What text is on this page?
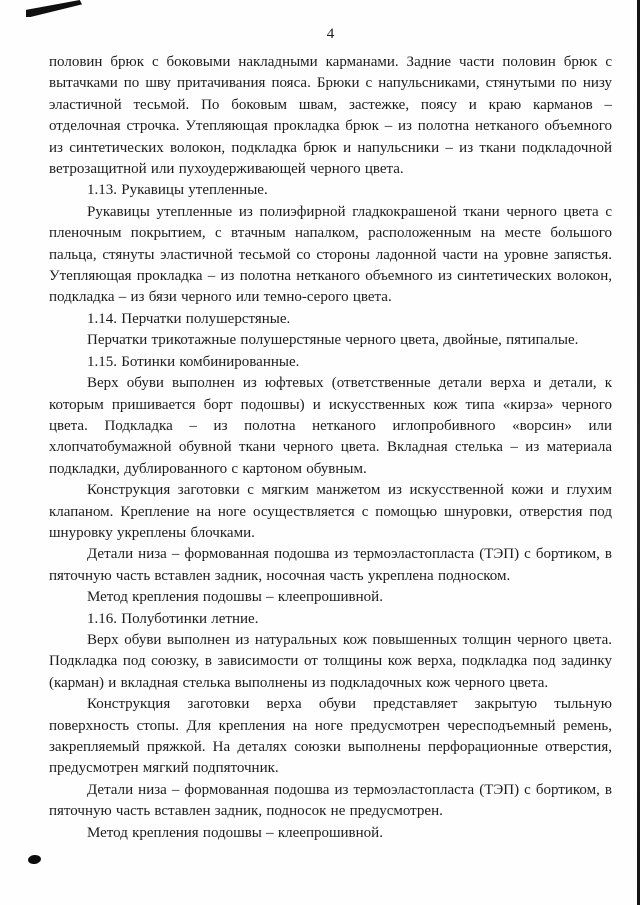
4

половин брюк с боковыми накладными карманами. Задние части половин брюк с вытачками по шву притачивания пояса. Брюки с напульсниками, стянутыми по низу эластичной тесьмой. По боковым швам, застежке, поясу и краю карманов – отделочная строчка. Утепляющая прокладка брюк – из полотна нетканого объемного из синтетических волокон, подкладка брюк и напульсники – из ткани подкладочной ветрозащитной или пухоудерживающей черного цвета.

1.13. Рукавицы утепленные.

Рукавицы утепленные из полиэфирной гладкокрашеной ткани черного цвета с пленочным покрытием, с втачным напалком, расположенным на месте большого пальца, стянуты эластичной тесьмой со стороны ладонной части на уровне запястья. Утепляющая прокладка – из полотна нетканого объемного из синтетических волокон, подкладка – из бязи черного или темно-серого цвета.

1.14. Перчатки полушерстяные.

Перчатки трикотажные полушерстяные черного цвета, двойные, пятипалые.

1.15. Ботинки комбинированные.

Верх обуви выполнен из юфтевых (ответственные детали верха и детали, к которым пришивается борт подошвы) и искусственных кож типа «кирза» черного цвета. Подкладка – из полотна нетканого иглопробивного «ворсин» или хлопчатобумажной обувной ткани черного цвета. Вкладная стелька – из материала подкладки, дублированного с картоном обувным.

Конструкция заготовки с мягким манжетом из искусственной кожи и глухим клапаном. Крепление на ноге осуществляется с помощью шнуровки, отверстия под шнуровку укреплены блочками.

Детали низа – формованная подошва из термоэластопласта (ТЭП) с бортиком, в пяточную часть вставлен задник, носочная часть укреплена подноском.

Метод крепления подошвы – клеепрошивной.

1.16. Полуботинки летние.

Верх обуви выполнен из натуральных кож повышенных толщин черного цвета. Подкладка под союзку, в зависимости от толщины кож верха, подкладка под задинку (карман) и вкладная стелька выполнены из подкладочных кож черного цвета.

Конструкция заготовки верха обуви представляет закрытую тыльную поверхность стопы. Для крепления на ноге предусмотрен чересподъемный ремень, закрепляемый пряжкой. На деталях союзки выполнены перфорационные отверстия, предусмотрен мягкий подпяточник.

Детали низа – формованная подошва из термоэластопласта (ТЭП) с бортиком, в пяточную часть вставлен задник, подносок не предусмотрен.

Метод крепления подошвы – клеепрошивной.
